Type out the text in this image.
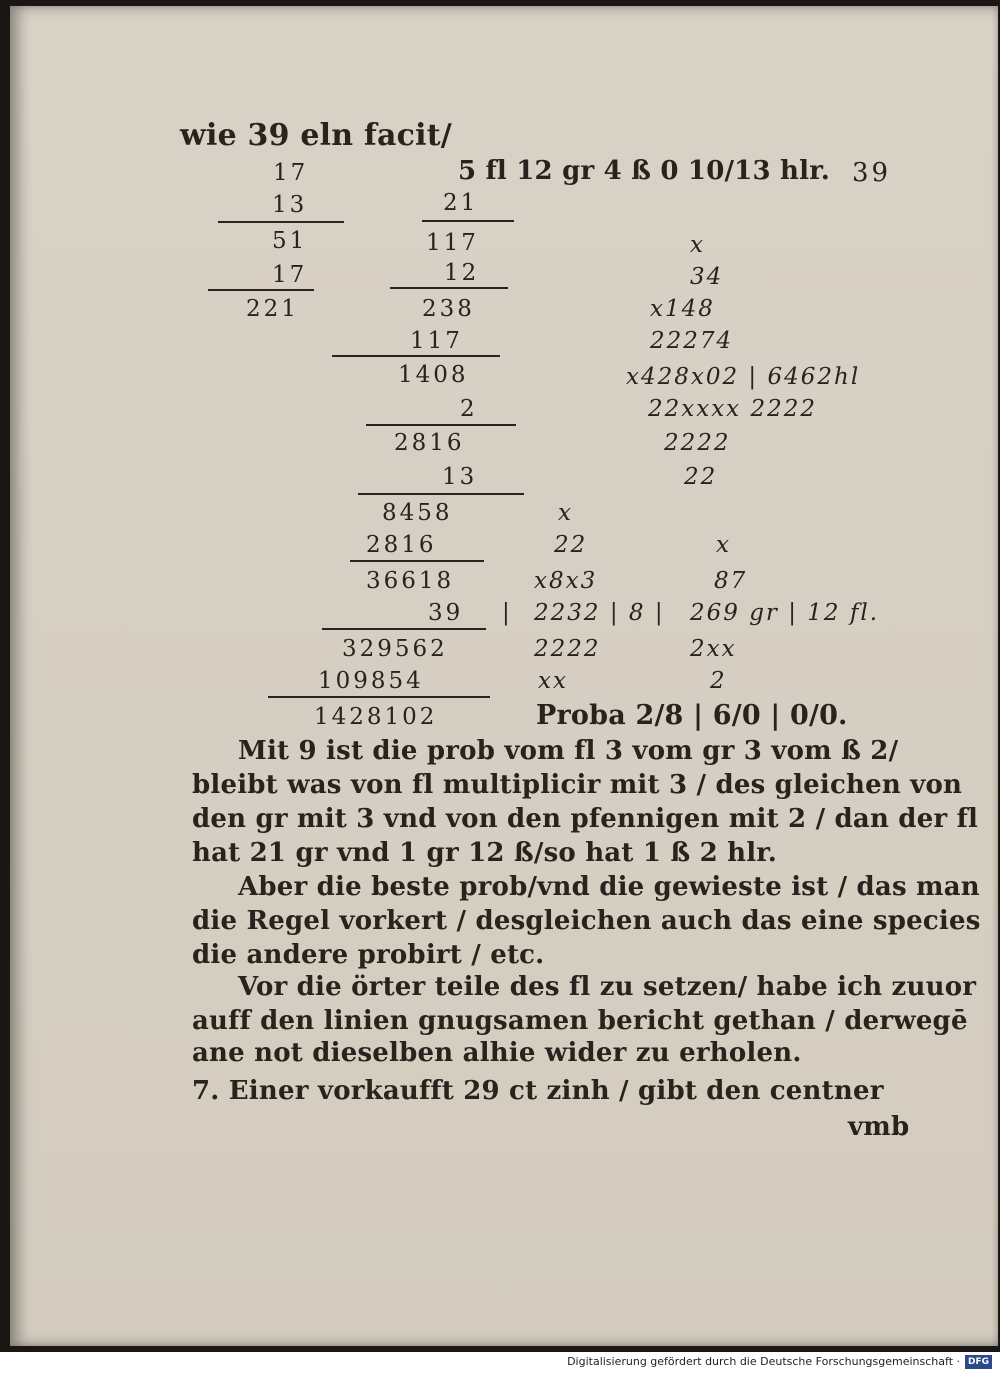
wie 39 eln facit/
5 fl 12 gr 4 ß 0 10/13 hlr. 39
17
13
51
17
221
21
117
12
238
117
1408
2
2816
13
8458
2816
36618
39 |
329562
109854
1428102
x
34
x148
22274
x428x02 | 6462hl
22xxxx 2222
2222
22
x
22
x8x3
2232 | 8 |
2222
xx
Proba 2/8 | 6/0 | 0/0.
x
87
269 gr | 12 fl.
2xx
2
Mit 9 ist die prob vom fl 3 vom gr 3 vom ß 2/
bleibt was von fl multiplicir mit 3 / des gleichen von
den gr mit 3 vnd von den pfennigen mit 2 / dan der fl
hat 21 gr vnd 1 gr 12 ß/so hat 1 ß 2 hlr.
Aber die beste prob/vnd die gewieste ist / das man
die Regel vorkert / desgleichen auch das eine species
die andere probirt / etc.
Vor die örter teile des fl zu setzen/ habe ich zuuor
auff den linien gnugsamen bericht gethan / derwegē
ane not dieselben alhie wider zu erholen.
7. Einer vorkaufft 29 ct zinh / gibt den centner
vmb
Digitalisierung gefördert durch die Deutsche Forschungsgemeinschaft · DFG
